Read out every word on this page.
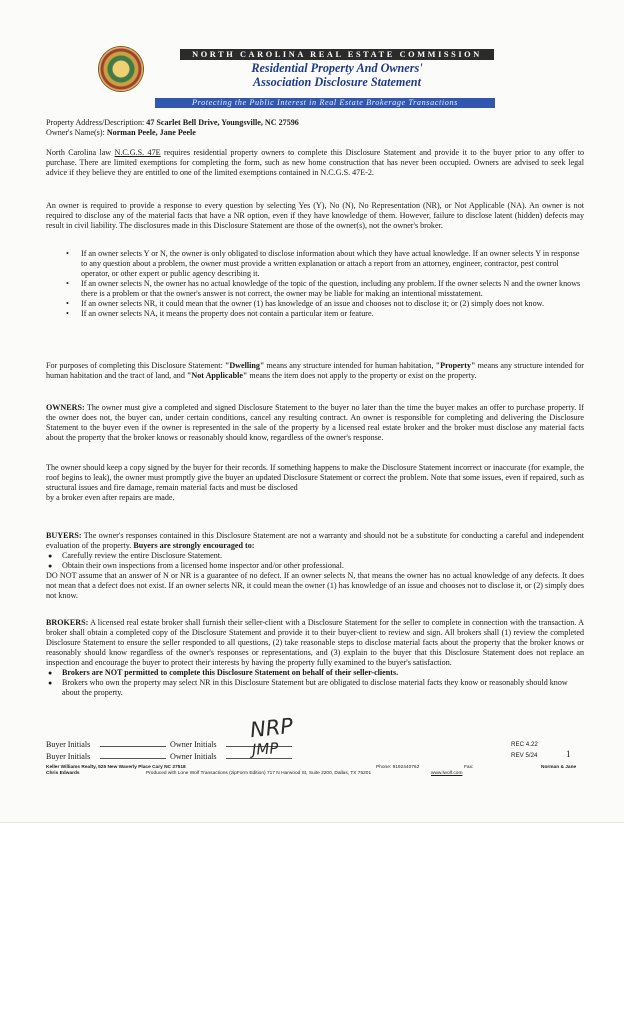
NORTH CAROLINA REAL ESTATE COMMISSION
Residential Property And Owners'
Association Disclosure Statement
Protecting the Public Interest in Real Estate Brokerage Transactions
Property Address/Description: 47 Scarlet Bell Drive, Youngsville, NC 27596
Owner's Name(s): Norman Peele, Jane Peele
North Carolina law N.C.G.S. 47E requires residential property owners to complete this Disclosure Statement and provide it to the buyer prior to any offer to purchase. There are limited exemptions for completing the form, such as new home construction that has never been occupied. Owners are advised to seek legal advice if they believe they are entitled to one of the limited exemptions contained in N.C.G.S. 47E-2.
An owner is required to provide a response to every question by selecting Yes (Y), No (N), No Representation (NR), or Not Applicable (NA). An owner is not required to disclose any of the material facts that have a NR option, even if they have knowledge of them. However, failure to disclose latent (hidden) defects may result in civil liability. The disclosures made in this Disclosure Statement are those of the owner(s), not the owner's broker.
• If an owner selects Y or N, the owner is only obligated to disclose information about which they have actual knowledge. If an owner selects Y in response to any question about a problem, the owner must provide a written explanation or attach a report from an attorney, engineer, contractor, pest control operator, or other expert or public agency describing it.
• If an owner selects N, the owner has no actual knowledge of the topic of the question, including any problem. If the owner selects N and the owner knows there is a problem or that the owner's answer is not correct, the owner may be liable for making an intentional misstatement.
• If an owner selects NR, it could mean that the owner (1) has knowledge of an issue and chooses not to disclose it; or (2) simply does not know.
• If an owner selects NA, it means the property does not contain a particular item or feature.
For purposes of completing this Disclosure Statement: "Dwelling" means any structure intended for human habitation, "Property" means any structure intended for human habitation and the tract of land, and "Not Applicable" means the item does not apply to the property or exist on the property.
OWNERS: The owner must give a completed and signed Disclosure Statement to the buyer no later than the time the buyer makes an offer to purchase property. If the owner does not, the buyer can, under certain conditions, cancel any resulting contract. An owner is responsible for completing and delivering the Disclosure Statement to the buyer even if the owner is represented in the sale of the property by a licensed real estate broker and the broker must disclose any material facts about the property that the broker knows or reasonably should know, regardless of the owner's response.
The owner should keep a copy signed by the buyer for their records. If something happens to make the Disclosure Statement incorrect or inaccurate (for example, the roof begins to leak), the owner must promptly give the buyer an updated Disclosure Statement or correct the problem. Note that some issues, even if repaired, such as structural issues and fire damage, remain material facts and must be disclosed
by a broker even after repairs are made.
BUYERS: The owner's responses contained in this Disclosure Statement are not a warranty and should not be a substitute for conducting a careful and independent evaluation of the property. Buyers are strongly encouraged to:
● Carefully review the entire Disclosure Statement.
● Obtain their own inspections from a licensed home inspector and/or other professional.
DO NOT assume that an answer of N or NR is a guarantee of no defect. If an owner selects N, that means the owner has no actual knowledge of any defects. It does not mean that a defect does not exist. If an owner selects NR, it could mean the owner (1) has knowledge of an issue and chooses not to disclose it, or (2) simply does not know.
BROKERS: A licensed real estate broker shall furnish their seller-client with a Disclosure Statement for the seller to complete in connection with the transaction. A broker shall obtain a completed copy of the Disclosure Statement and provide it to their buyer-client to review and sign. All brokers shall (1) review the completed Disclosure Statement to ensure the seller responded to all questions, (2) take reasonable steps to disclose material facts about the property that the broker knows or reasonably should know regardless of the owner's responses or representations, and (3) explain to the buyer that this Disclosure Statement does not replace an inspection and encourage the buyer to protect their interests by having the property fully examined to the buyer's satisfaction.
● Brokers are NOT permitted to complete this Disclosure Statement on behalf of their seller-clients.
● Brokers who own the property may select NR in this Disclosure Statement but are obligated to disclose material facts they know or reasonably should know about the property.
Buyer Initials	Owner Initials
Buyer Initials	Owner Initials
NRP
JMP	REC 4.22
REV 5/24	1
Keller Williams Realty, 525 New Waverly Place Cary NC 27518	Phone: 9192440762	Fax:	Norman & Jane
Chris Edwards	Produced with Lone Wolf Transactions (zipForm Edition) 717 N Harwood St, Suite 2200, Dallas, TX 75201	www.lwolf.com
